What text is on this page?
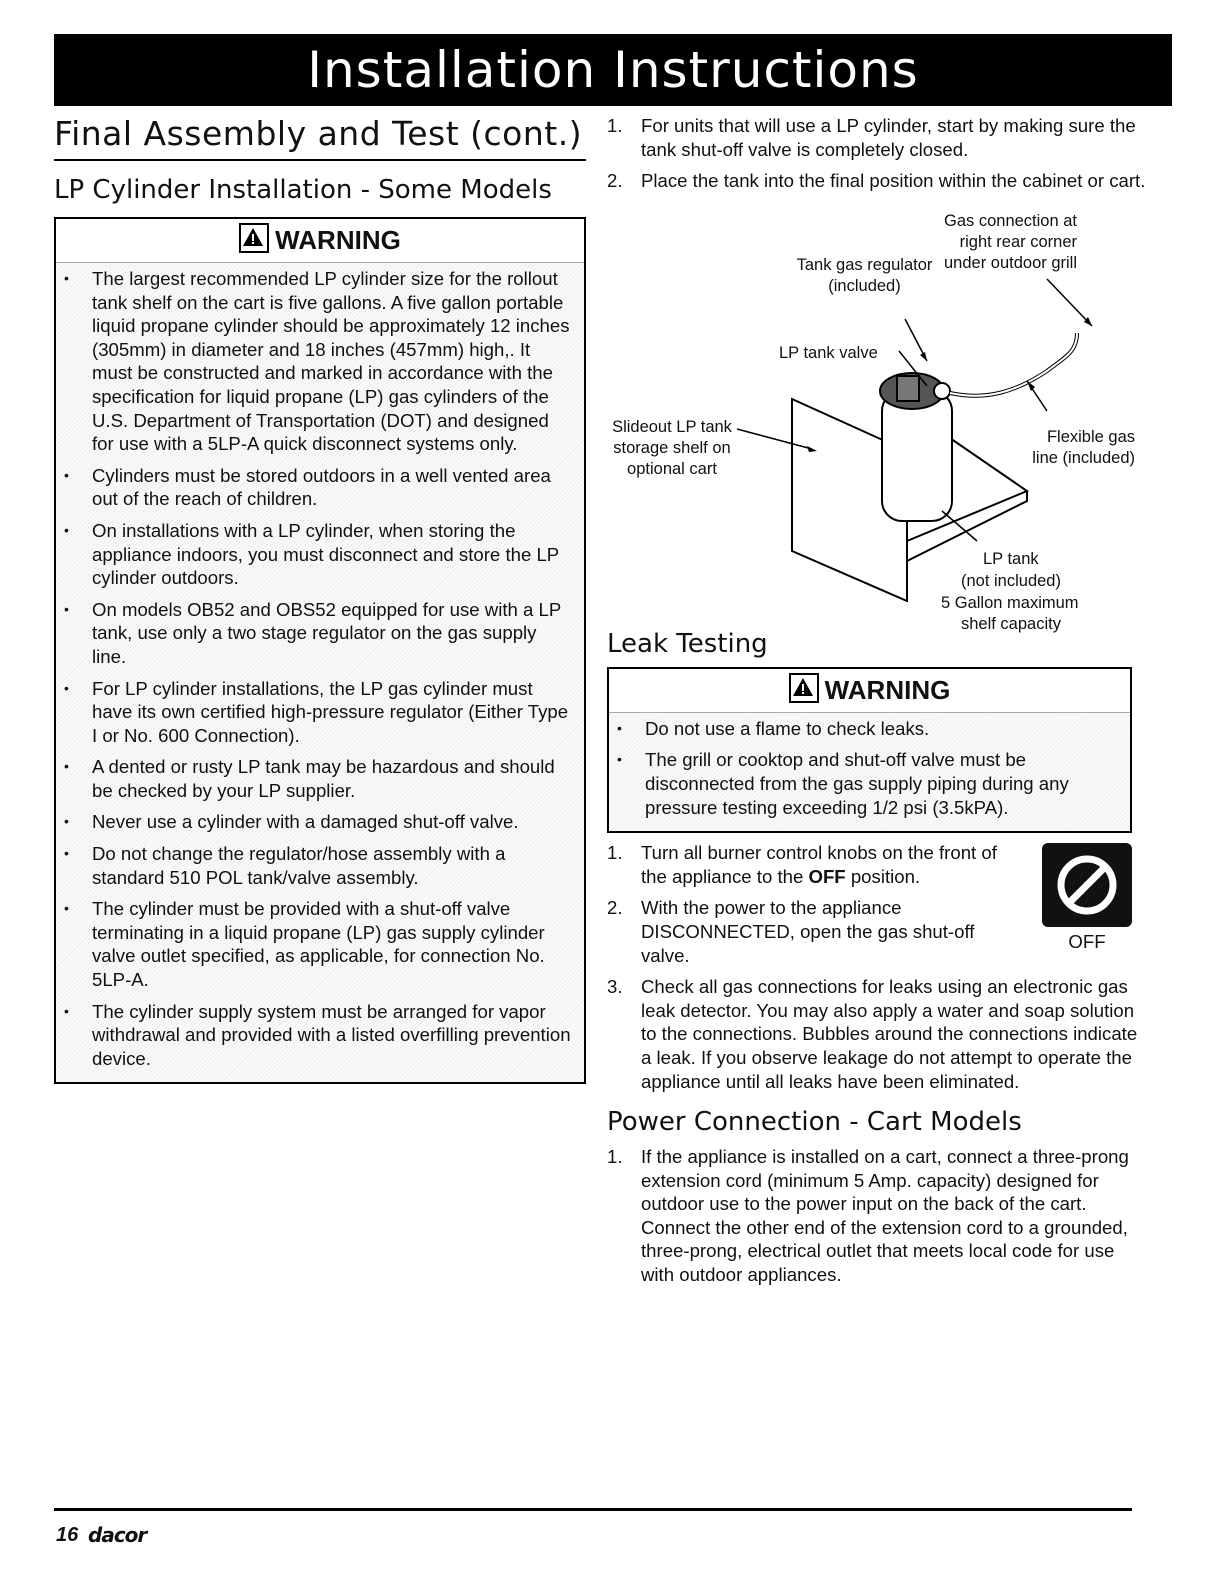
Installation Instructions
Final Assembly and Test (cont.)
LP Cylinder Installation - Some Models
WARNING
• The largest recommended LP cylinder size for the rollout tank shelf on the cart is five gallons. A five gallon portable liquid propane cylinder should be approximately 12 inches (305mm) in diameter and 18 inches (457mm) high,. It must be constructed and marked in accordance with the specification for liquid propane (LP) gas cylinders of the U.S. Department of Transportation (DOT) and designed for use with a 5LP-A quick disconnect systems only.
• Cylinders must be stored outdoors in a well vented area out of the reach of children.
• On installations with a LP cylinder, when storing the appliance indoors, you must disconnect and store the LP cylinder outdoors.
• On models OB52 and OBS52 equipped for use with a LP tank, use only a two stage regulator on the gas supply line.
• For LP cylinder installations, the LP gas cylinder must have its own certified high-pressure regulator (Either Type I or No. 600 Connection).
• A dented or rusty LP tank may be hazardous and should be checked by your LP supplier.
• Never use a cylinder with a damaged shut-off valve.
• Do not change the regulator/hose assembly with a standard 510 POL tank/valve assembly.
• The cylinder must be provided with a shut-off valve terminating in a liquid propane (LP) gas supply cylinder valve outlet specified, as applicable, for connection No. 5LP-A.
• The cylinder supply system must be arranged for vapor withdrawal and provided with a listed overfilling prevention device.
1. For units that will use a LP cylinder, start by making sure the tank shut-off valve is completely closed.
2. Place the tank into the final position within the cabinet or cart.
Gas connection at right rear corner under outdoor grill
Tank gas regulator (included)
LP tank valve
Slideout LP tank storage shelf on optional cart
Flexible gas line (included)
LP tank
(not included)
5 Gallon maximum
shelf capacity
Leak Testing
WARNING
• Do not use a flame to check leaks.
• The grill or cooktop and shut-off valve must be disconnected from the gas supply piping during any pressure testing exceeding 1/2 psi (3.5kPA).
OFF
1. Turn all burner control knobs on the front of the appliance to the OFF position.
2. With the power to the appliance DISCONNECTED, open the gas shut-off valve.
3. Check all gas connections for leaks using an electronic gas leak detector. You may also apply a water and soap solution to the connections. Bubbles around the connections indicate a leak. If you observe leakage do not attempt to operate the appliance until all leaks have been eliminated.
Power Connection - Cart Models
1. If the appliance is installed on a cart, connect a three-prong extension cord (minimum 5 Amp. capacity) designed for outdoor use to the power input on the back of the cart. Connect the other end of the extension cord to a grounded, three-prong, electrical outlet that meets local code for use with outdoor appliances.
16 dacor
